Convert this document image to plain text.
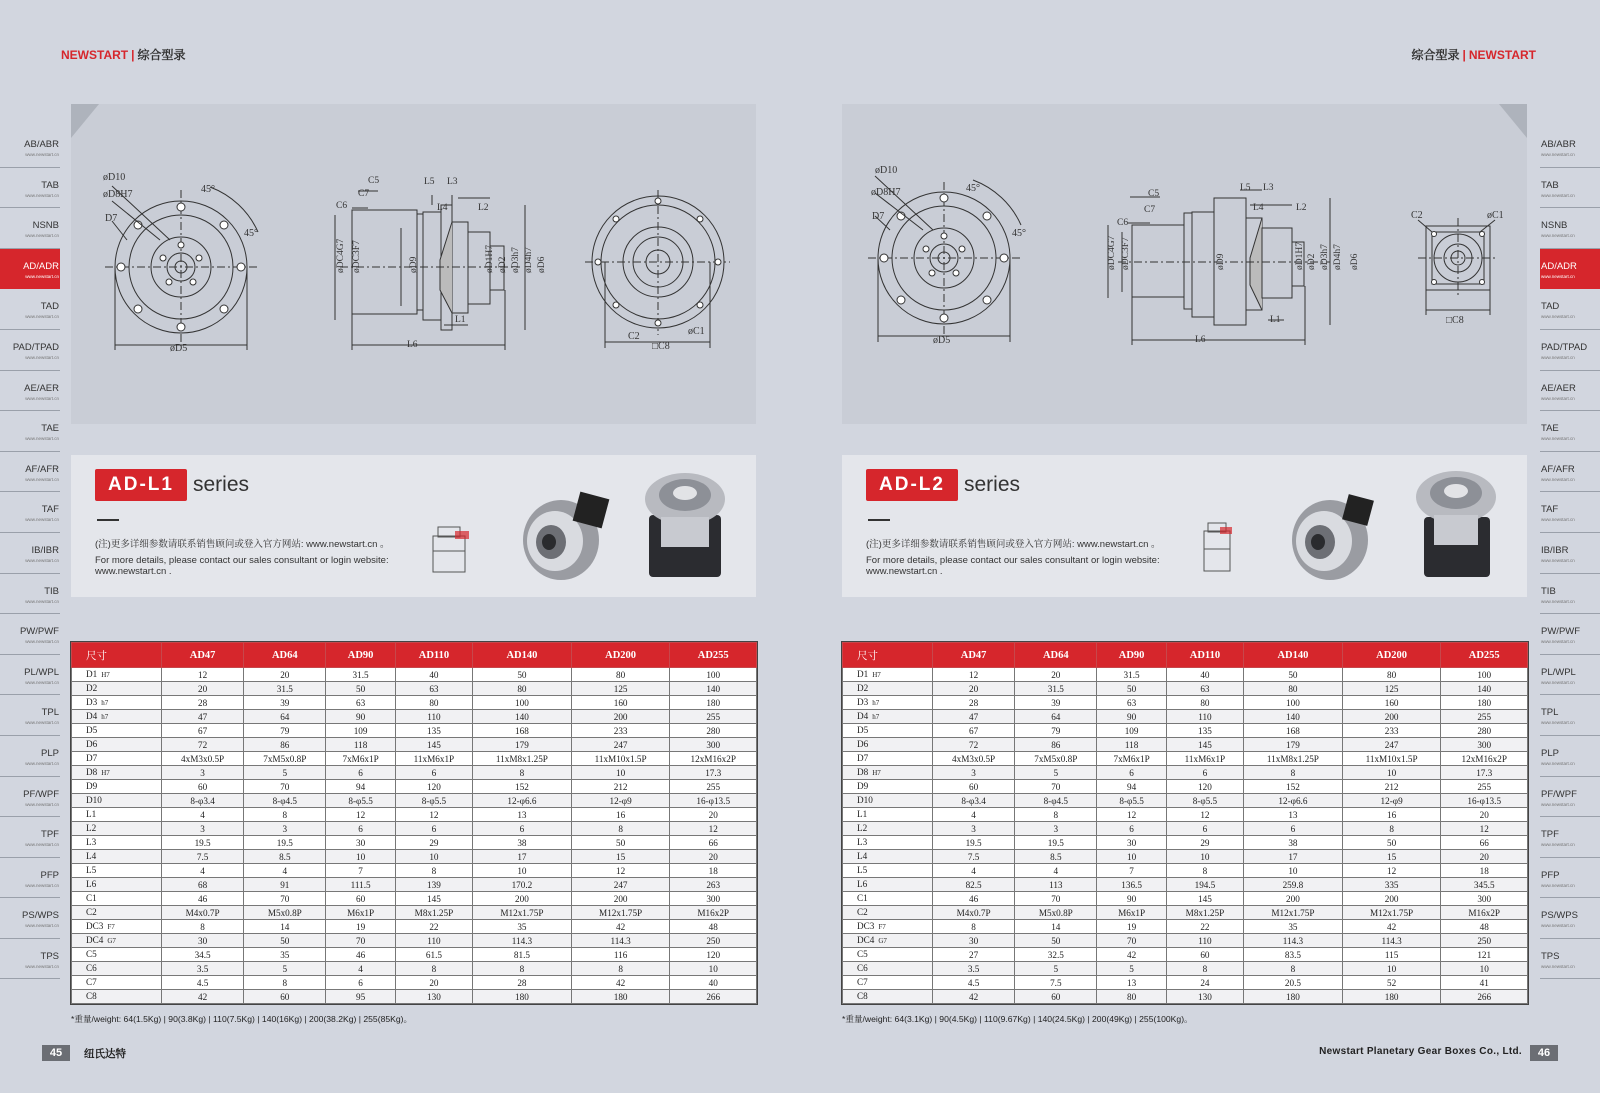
NEWSTART | 综合型录	综合型录 | NEWSTART
AB/ABR
www.newstart.cn
TAB
www.newstart.cn
NSNB
www.newstart.cn
AD/ADR
www.newstart.cn
TAD
www.newstart.cn
PAD/TPAD
www.newstart.cn
AE/AER
www.newstart.cn
TAE
www.newstart.cn
AF/AFR
www.newstart.cn
TAF
www.newstart.cn
IB/IBR
www.newstart.cn
TIB
www.newstart.cn
PW/PWF
www.newstart.cn
PL/WPL
www.newstart.cn
TPL
www.newstart.cn
PLP
www.newstart.cn
PF/WPF
www.newstart.cn
TPF
www.newstart.cn
PFP
www.newstart.cn
PS/WPS
www.newstart.cn
TPS
www.newstart.cn
AB/ABR
www.newstart.cn
TAB
www.newstart.cn
NSNB
www.newstart.cn
AD/ADR
www.newstart.cn
TAD
www.newstart.cn
PAD/TPAD
www.newstart.cn
AE/AER
www.newstart.cn
TAE
www.newstart.cn
AF/AFR
www.newstart.cn
TAF
www.newstart.cn
IB/IBR
www.newstart.cn
TIB
www.newstart.cn
PW/PWF
www.newstart.cn
PL/WPL
www.newstart.cn
TPL
www.newstart.cn
PLP
www.newstart.cn
PF/WPF
www.newstart.cn
TPF
www.newstart.cn
PFP
www.newstart.cn
PS/WPS
www.newstart.cn
TPS
www.newstart.cn
øD10
øD8H7
D7
45°
45°
øD5
C5
C7
C6
L5 L3
L4	L2
L1
L6
øDC4G7 øDC3F7	øD9	øD1H7 øD2 øD3h7 øD4h7 øD6
C2
□C8
øC1
øD10
øD8H7
D7
45°
45°
øD5
C5
C7
C6
L5 L3
L4	L2
L1
L6
øDC4G7 øDC3F7	øD9	øD1H7 øD2 øD3h7 øD4h7 øD6
C2
□C8
øC1
AD-L1 series
(注)更多详细参数请联系销售顾问或登入官方网站: www.newstart.cn 。
For more details, please contact our sales consultant or login website: www.newstart.cn .
AD-L2 series
(注)更多详细参数请联系销售顾问或登入官方网站: www.newstart.cn 。
For more details, please contact our sales consultant or login website: www.newstart.cn .
尺寸	AD47	AD64	AD90	AD110	AD140	AD200	AD255
D1 H7	12	20	31.5	40	50	80	100
D2	20	31.5	50	63	80	125	140
D3 h7	28	39	63	80	100	160	180
D4 h7	47	64	90	110	140	200	255
D5	67	79	109	135	168	233	280
D6	72	86	118	145	179	247	300
D7	4xM3x0.5P	7xM5x0.8P	7xM6x1P	11xM6x1P	11xM8x1.25P	11xM10x1.5P	12xM16x2P
D8 H7	3	5	6	6	8	10	17.3
D9	60	70	94	120	152	212	255
D10	8-φ3.4	8-φ4.5	8-φ5.5	8-φ5.5	12-φ6.6	12-φ9	16-φ13.5
L1	4	8	12	12	13	16	20
L2	3	3	6	6	6	8	12
L3	19.5	19.5	30	29	38	50	66
L4	7.5	8.5	10	10	17	15	20
L5	4	4	7	8	10	12	18
L6	68	91	111.5	139	170.2	247	263
C1	46	70	60	145	200	200	300
C2	M4x0.7P	M5x0.8P	M6x1P	M8x1.25P	M12x1.75P	M12x1.75P	M16x2P
DC3 F7	8	14	19	22	35	42	48
DC4 G7	30	50	70	110	114.3	114.3	250
C5	34.5	35	46	61.5	81.5	116	120
C6	3.5	5	4	8	8	8	10
C7	4.5	8	6	20	28	42	40
C8	42	60	95	130	180	180	266
尺寸	AD47	AD64	AD90	AD110	AD140	AD200	AD255
D1 H7	12	20	31.5	40	50	80	100
D2	20	31.5	50	63	80	125	140
D3 h7	28	39	63	80	100	160	180
D4 h7	47	64	90	110	140	200	255
D5	67	79	109	135	168	233	280
D6	72	86	118	145	179	247	300
D7	4xM3x0.5P	7xM5x0.8P	7xM6x1P	11xM6x1P	11xM8x1.25P	11xM10x1.5P	12xM16x2P
D8 H7	3	5	6	6	8	10	17.3
D9	60	70	94	120	152	212	255
D10	8-φ3.4	8-φ4.5	8-φ5.5	8-φ5.5	12-φ6.6	12-φ9	16-φ13.5
L1	4	8	12	12	13	16	20
L2	3	3	6	6	6	8	12
L3	19.5	19.5	30	29	38	50	66
L4	7.5	8.5	10	10	17	15	20
L5	4	4	7	8	10	12	18
L6	82.5	113	136.5	194.5	259.8	335	345.5
C1	46	70	90	145	200	200	300
C2	M4x0.7P	M5x0.8P	M6x1P	M8x1.25P	M12x1.75P	M12x1.75P	M16x2P
DC3 F7	8	14	19	22	35	42	48
DC4 G7	30	50	70	110	114.3	114.3	250
C5	27	32.5	42	60	83.5	115	121
C6	3.5	5	5	8	8	10	10
C7	4.5	7.5	13	24	20.5	52	41
C8	42	60	80	130	180	180	266
*重量/weight: 64(1.5Kg) | 90(3.8Kg) | 110(7.5Kg) | 140(16Kg) | 200(38.2Kg) | 255(85Kg)。	*重量/weight: 64(3.1Kg) | 90(4.5Kg) | 110(9.67Kg) | 140(24.5Kg) | 200(49Kg) | 255(100Kg)。
45	纽氏达特	Newstart Planetary Gear Boxes Co., Ltd.	46
